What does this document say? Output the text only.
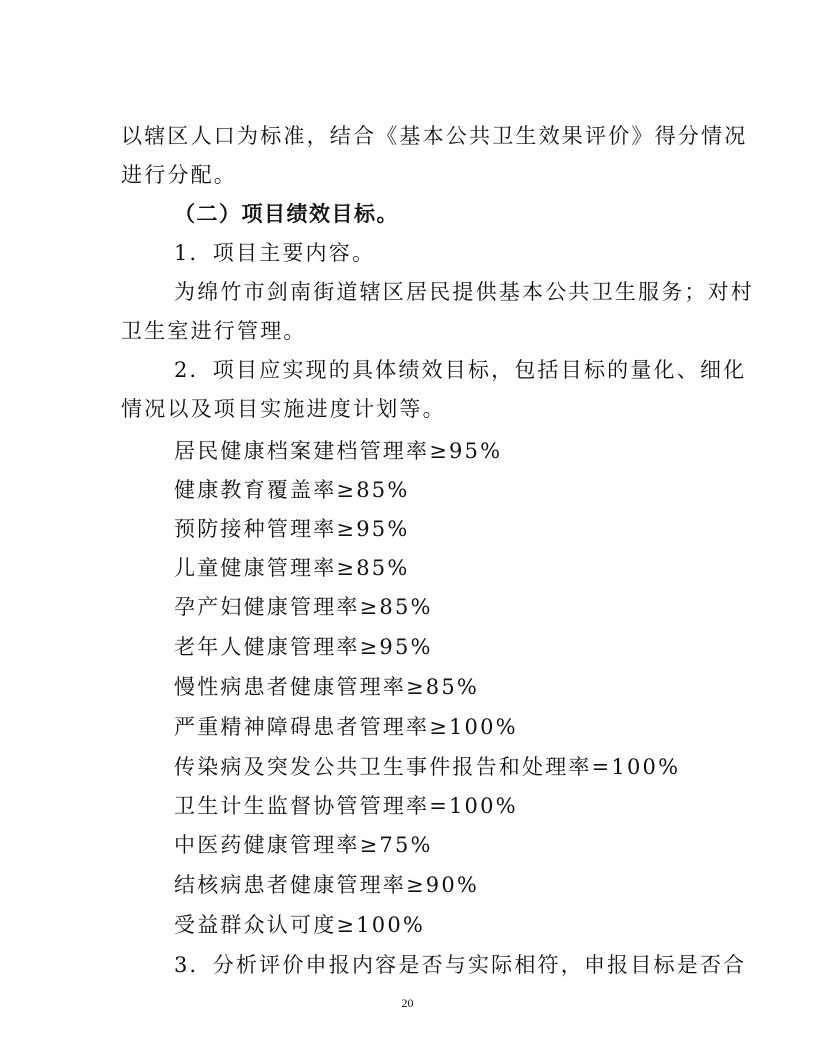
以辖区人口为标准，结合《基本公共卫生效果评价》得分情况
进行分配。
（二）项目绩效目标。
1．项目主要内容。
为绵竹市剑南街道辖区居民提供基本公共卫生服务；对村
卫生室进行管理。
2．项目应实现的具体绩效目标，包括目标的量化、细化
情况以及项目实施进度计划等。
居民健康档案建档管理率≥95%
健康教育覆盖率≥85%
预防接种管理率≥95%
儿童健康管理率≥85%
孕产妇健康管理率≥85%
老年人健康管理率≥95%
慢性病患者健康管理率≥85%
严重精神障碍患者管理率≥100%
传染病及突发公共卫生事件报告和处理率=100%
卫生计生监督协管管理率=100%
中医药健康管理率≥75%
结核病患者健康管理率≥90%
受益群众认可度≥100%
3．分析评价申报内容是否与实际相符，申报目标是否合
20
